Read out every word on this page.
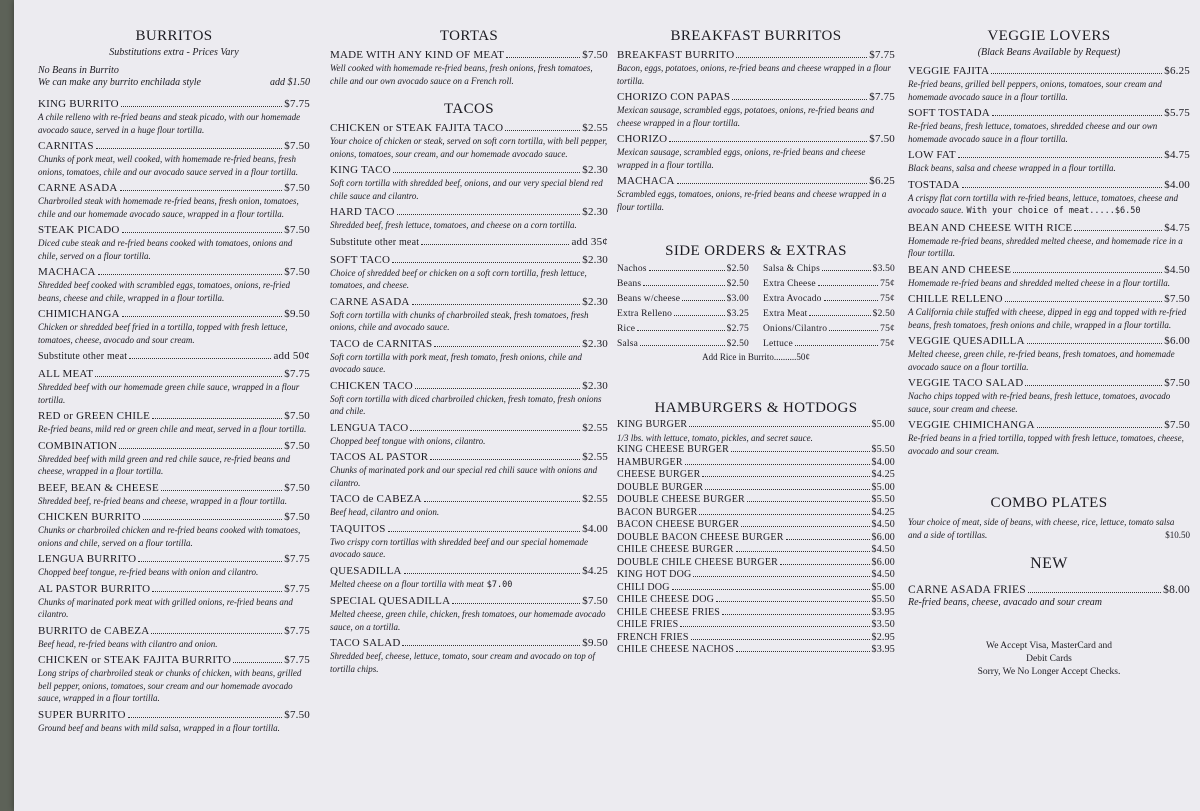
BURRITOS
Substitutions extra - Prices Vary
No Beans in Burrito
We can make any burrito enchilada style	add $1.50
KING BURRITO	$7.75
A chile relleno with re-fried beans and steak picado, with our homemade avocado sauce, served in a huge flour tortilla.
CARNITAS	$7.50
Chunks of pork meat, well cooked, with homemade re-fried beans, fresh onions, tomatoes, chile and our avocado sauce served in a flour tortilla.
CARNE ASADA	$7.50
Charbroiled steak with homemade re-fried beans, fresh onion, tomatoes, chile and our homemade avocado sauce, wrapped in a flour tortilla.
STEAK PICADO	$7.50
Diced cube steak and re-fried beans cooked with tomatoes, onions and chile, served on a flour tortilla.
MACHACA	$7.50
Shredded beef cooked with scrambled eggs, tomatoes, onions, re-fried beans, cheese and chile, wrapped in a flour tortilla.
CHIMICHANGA	$9.50
Chicken or shredded beef fried in a tortilla, topped with fresh lettuce, tomatoes, cheese, avocado and sour cream.
Substitute other meat	add 50¢
ALL MEAT	$7.75
Shredded beef with our homemade green chile sauce, wrapped in a flour tortilla.
RED or GREEN CHILE	$7.50
Re-fried beans, mild red or green chile and meat, served in a flour tortilla.
COMBINATION	$7.50
Shredded beef with mild green and red chile sauce, re-fried beans and cheese, wrapped in a flour tortilla.
BEEF, BEAN & CHEESE	$7.50
Shredded beef, re-fried beans and cheese, wrapped in a flour tortilla.
CHICKEN BURRITO	$7.50
Chunks or charbroiled chicken and re-fried beans cooked with tomatoes, onions and chile, served on a flour tortilla.
LENGUA BURRITO	$7.75
Chopped beef tongue, re-fried beans with onion and cilantro.
AL PASTOR BURRITO	$7.75
Chunks of marinated pork meat with grilled onions, re-fried beans and cilantro.
BURRITO de CABEZA	$7.75
Beef head, re-fried beans with cilantro and onion.
CHICKEN or STEAK FAJITA BURRITO	$7.75
Long strips of charbroiled steak or chunks of chicken, with beans, grilled bell pepper, onions, tomatoes, sour cream and our homemade avocado sauce, wrapped in a flour tortilla.
SUPER BURRITO	$7.50
Ground beef and beans with mild salsa, wrapped in a flour tortilla.
TORTAS
MADE WITH ANY KIND OF MEAT	$7.50
Well cooked with homemade re-fried beans, fresh onions, fresh tomatoes, chile and our own avocado sauce on a French roll.
TACOS
CHICKEN or STEAK FAJITA TACO	$2.55
Your choice of chicken or steak, served on soft corn tortilla, with bell pepper, onions, tomatoes, sour cream, and our homemade avocado sauce.
KING TACO	$2.30
Soft corn tortilla with shredded beef, onions, and our very special blend red chile sauce and cilantro.
HARD TACO	$2.30
Shredded beef, fresh lettuce, tomatoes, and cheese on a corn tortilla.
Substitute other meat	add 35¢
SOFT TACO	$2.30
Choice of shredded beef or chicken on a soft corn tortilla, fresh lettuce, tomatoes, and cheese.
CARNE ASADA	$2.30
Soft corn tortilla with chunks of charbroiled steak, fresh tomatoes, fresh onions, chile and avocado sauce.
TACO de CARNITAS	$2.30
Soft corn tortilla with pork meat, fresh tomato, fresh onions, chile and avocado sauce.
CHICKEN TACO	$2.30
Soft corn tortilla with diced charbroiled chicken, fresh tomato, fresh onions and chile.
LENGUA TACO	$2.55
Chopped beef tongue with onions, cilantro.
TACOS AL PASTOR	$2.55
Chunks of marinated pork and our special red chili sauce with onions and cilantro.
TACO de CABEZA	$2.55
Beef head, cilantro and onion.
TAQUITOS	$4.00
Two crispy corn tortillas with shredded beef and our special homemade avocado sauce.
QUESADILLA	$4.25
Melted cheese on a flour tortilla with meat $7.00
SPECIAL QUESADILLA	$7.50
Melted cheese, green chile, chicken, fresh tomatoes, our homemade avocado sauce, on a tortilla.
TACO SALAD	$9.50
Shredded beef, cheese, lettuce, tomato, sour cream and avocado on top of tortilla chips.
BREAKFAST BURRITOS
BREAKFAST BURRITO	$7.75
Bacon, eggs, potatoes, onions, re-fried beans and cheese wrapped in a flour tortilla.
CHORIZO CON PAPAS	$7.75
Mexican sausage, scrambled eggs, potatoes, onions, re-fried beans and cheese wrapped in a flour tortilla.
CHORIZO	$7.50
Mexican sausage, scrambled eggs, onions, re-fried beans and cheese wrapped in a flour tortilla.
MACHACA	$6.25
Scrambled eggs, tomatoes, onions, re-fried beans and cheese wrapped in a flour tortilla.
SIDE ORDERS & EXTRAS
Nachos	$2.50
Beans	$2.50
Beans w/cheese	$3.00
Extra Relleno	$3.25
Rice	$2.75
Salsa	$2.50
Salsa & Chips	$3.50
Extra Cheese	75¢
Extra Avocado	75¢
Extra Meat	$2.50
Onions/Cilantro	75¢
Lettuce	75¢
Add Rice in Burrito..........50¢
HAMBURGERS & HOTDOGS
KING BURGER	$5.00
1/3 lbs. with lettuce, tomato, pickles, and secret sauce.
KING CHEESE BURGER	$5.50
HAMBURGER	$4.00
CHEESE BURGER	$4.25
DOUBLE BURGER	$5.00
DOUBLE CHEESE BURGER	$5.50
BACON BURGER	$4.25
BACON CHEESE BURGER	$4.50
DOUBLE BACON CHEESE BURGER	$6.00
CHILE CHEESE BURGER	$4.50
DOUBLE CHILE CHEESE BURGER	$6.00
KING HOT DOG	$4.50
CHILI DOG	$5.00
CHILE CHEESE DOG	$5.50
CHILE CHEESE FRIES	$3.95
CHILE FRIES	$3.50
FRENCH FRIES	$2.95
CHILE CHEESE NACHOS	$3.95
VEGGIE LOVERS
(Black Beans Available by Request)
VEGGIE FAJITA	$6.25
Re-fried beans, grilled bell peppers, onions, tomatoes, sour cream and homemade avocado sauce in a flour tortilla.
SOFT TOSTADA	$5.75
Re-fried beans, fresh lettuce, tomatoes, shredded cheese and our own homemade avocado sauce in a flour tortilla.
LOW FAT	$4.75
Black beans, salsa and cheese wrapped in a flour tortilla.
TOSTADA	$4.00
A crispy flat corn tortilla with re-fried beans, lettuce, tomatoes, cheese and avocado sauce. With your choice of meat.....$6.50
BEAN AND CHEESE WITH RICE	$4.75
Homemade re-fried beans, shredded melted cheese, and homemade rice in a flour tortilla.
BEAN AND CHEESE	$4.50
Homemade re-fried beans and shredded melted cheese in a flour tortilla.
CHILLE RELLENO	$7.50
A California chile stuffed with cheese, dipped in egg and topped with re-fried beans, fresh tomatoes, fresh onions and chile, wrapped in a flour tortilla.
VEGGIE QUESADILLA	$6.00
Melted cheese, green chile, re-fried beans, fresh tomatoes, and homemade avocado sauce on a flour tortilla.
VEGGIE TACO SALAD	$7.50
Nacho chips topped with re-fried beans, fresh lettuce, tomatoes, avocado sauce, sour cream and cheese.
VEGGIE CHIMICHANGA	$7.50
Re-fried beans in a fried tortilla, topped with fresh lettuce, tomatoes, cheese, avocado and sour cream.
COMBO PLATES
Your choice of meat, side of beans, with cheese, rice, lettuce, tomato salsa and a side of tortillas.	$10.50
NEW
CARNE ASADA FRIES	$8.00
Re-fried beans, cheese, avacado and sour cream
We Accept Visa, MasterCard and
Debit Cards
Sorry, We No Longer Accept Checks.
